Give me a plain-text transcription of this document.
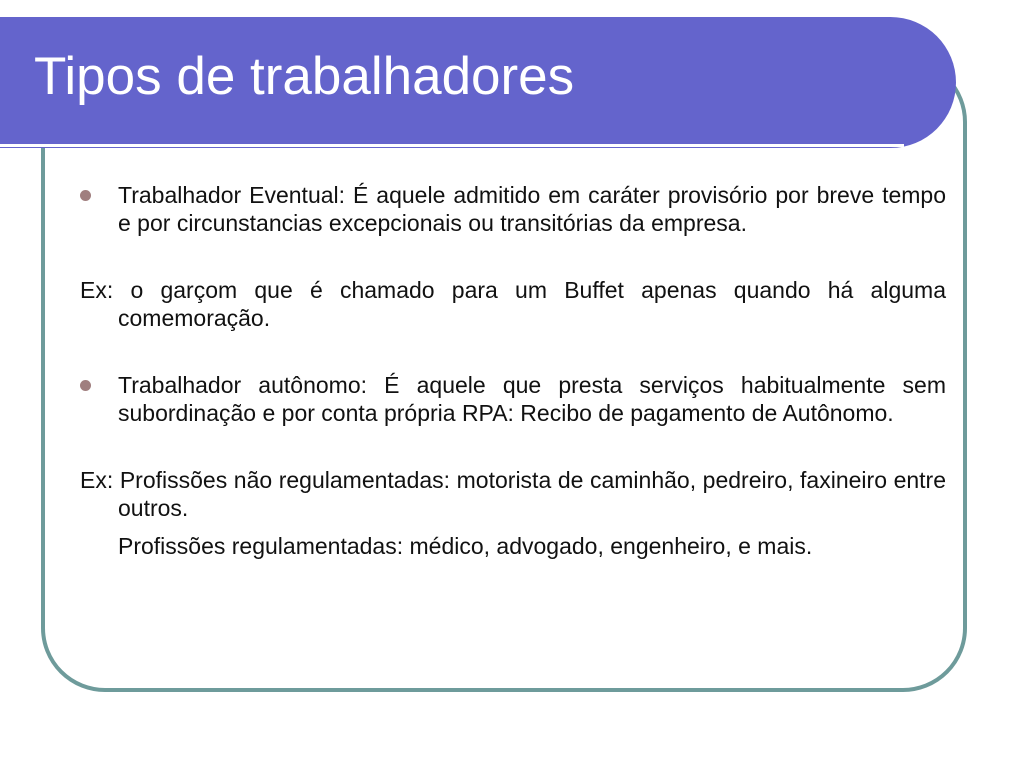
Tipos de trabalhadores

Trabalhador Eventual: É aquele admitido em caráter provisório por breve tempo e por circunstancias excepcionais ou transitórias da empresa.

Ex: o garçom que é chamado para um Buffet apenas quando há alguma comemoração.

Trabalhador autônomo: É aquele que presta serviços habitualmente sem subordinação e por conta própria RPA: Recibo de pagamento de Autônomo.

Ex: Profissões não regulamentadas: motorista de caminhão, pedreiro, faxineiro entre outros.

Profissões regulamentadas: médico, advogado, engenheiro, e mais.
